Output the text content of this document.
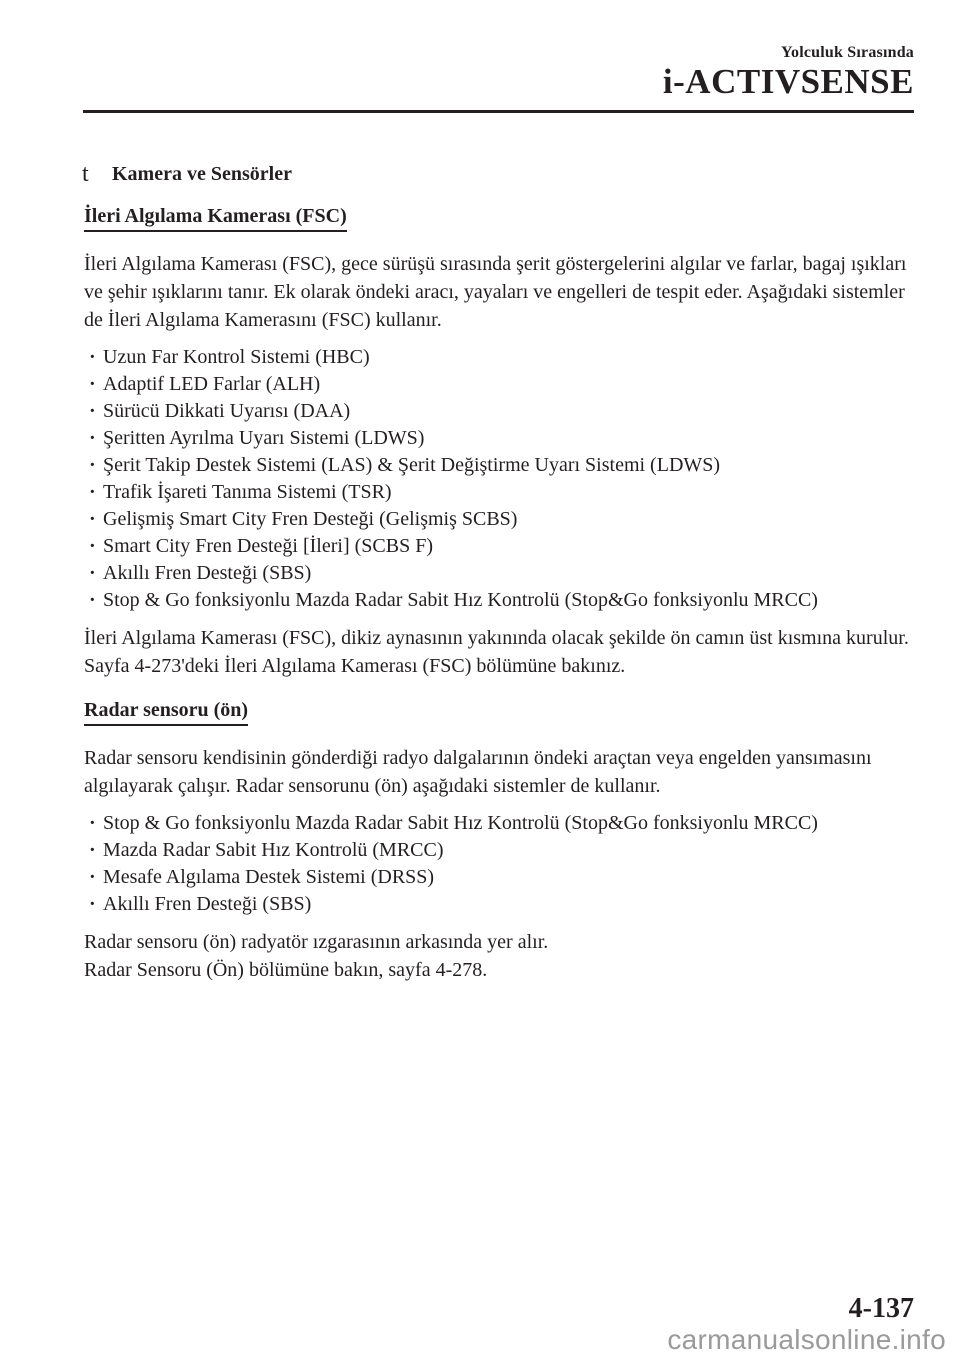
Yolculuk Sırasında
i-ACTIVSENSE
t Kamera ve Sensörler
İleri Algılama Kamerası (FSC)

İleri Algılama Kamerası (FSC), gece sürüşü sırasında şerit göstergelerini algılar ve farlar, bagaj ışıkları ve şehir ışıklarını tanır. Ek olarak öndeki aracı, yayaları ve engelleri de tespit eder. Aşağıdaki sistemler de İleri Algılama Kamerasını (FSC) kullanır.

· Uzun Far Kontrol Sistemi (HBC)
· Adaptif LED Farlar (ALH)
· Sürücü Dikkati Uyarısı (DAA)
· Şeritten Ayrılma Uyarı Sistemi (LDWS)
· Şerit Takip Destek Sistemi (LAS) & Şerit Değiştirme Uyarı Sistemi (LDWS)
· Trafik İşareti Tanıma Sistemi (TSR)
· Gelişmiş Smart City Fren Desteği (Gelişmiş SCBS)
· Smart City Fren Desteği [İleri] (SCBS F)
· Akıllı Fren Desteği (SBS)
· Stop & Go fonksiyonlu Mazda Radar Sabit Hız Kontrolü (Stop&Go fonksiyonlu MRCC)

İleri Algılama Kamerası (FSC), dikiz aynasının yakınında olacak şekilde ön camın üst kısmına kurulur.

Sayfa 4-273'deki İleri Algılama Kamerası (FSC) bölümüne bakınız.

Radar sensoru (ön)

Radar sensoru kendisinin gönderdiği radyo dalgalarının öndeki araçtan veya engelden yansımasını algılayarak çalışır. Radar sensorunu (ön) aşağıdaki sistemler de kullanır.

· Stop & Go fonksiyonlu Mazda Radar Sabit Hız Kontrolü (Stop&Go fonksiyonlu MRCC)
· Mazda Radar Sabit Hız Kontrolü (MRCC)
· Mesafe Algılama Destek Sistemi (DRSS)
· Akıllı Fren Desteği (SBS)

Radar sensoru (ön) radyatör ızgarasının arkasında yer alır.

Radar Sensoru (Ön) bölümüne bakın, sayfa 4-278.

4-137
carmanualsonline.info
